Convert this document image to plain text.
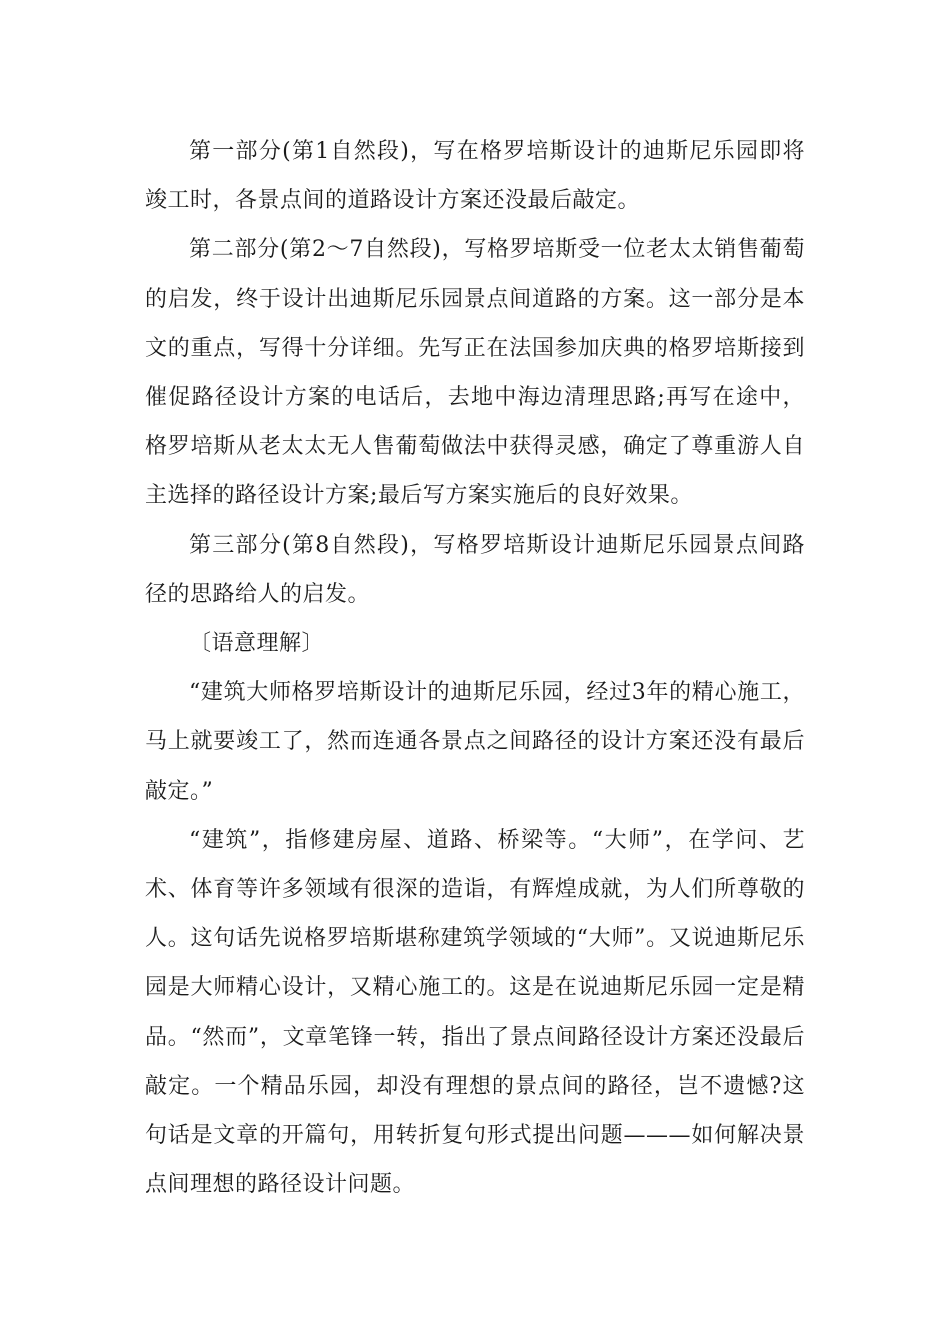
第一部分(第1自然段)，写在格罗培斯设计的迪斯尼乐园即将竣工时，各景点间的道路设计方案还没最后敲定。

第二部分(第2～7自然段)，写格罗培斯受一位老太太销售葡萄的启发，终于设计出迪斯尼乐园景点间道路的方案。这一部分是本文的重点，写得十分详细。先写正在法国参加庆典的格罗培斯接到催促路径设计方案的电话后，去地中海边清理思路;再写在途中，格罗培斯从老太太无人售葡萄做法中获得灵感，确定了尊重游人自主选择的路径设计方案;最后写方案实施后的良好效果。

第三部分(第8自然段)，写格罗培斯设计迪斯尼乐园景点间路径的思路给人的启发。

〔语意理解〕

“建筑大师格罗培斯设计的迪斯尼乐园，经过3年的精心施工，马上就要竣工了，然而连通各景点之间路径的设计方案还没有最后敲定。”

“建筑”，指修建房屋、道路、桥梁等。“大师”，在学问、艺术、体育等许多领域有很深的造诣，有辉煌成就，为人们所尊敬的人。这句话先说格罗培斯堪称建筑学领域的“大师”。又说迪斯尼乐园是大师精心设计，又精心施工的。这是在说迪斯尼乐园一定是精品。“然而”，文章笔锋一转，指出了景点间路径设计方案还没最后敲定。一个精品乐园，却没有理想的景点间的路径，岂不遗憾?这句话是文章的开篇句，用转折复句形式提出问题———如何解决景点间理想的路径设计问题。
